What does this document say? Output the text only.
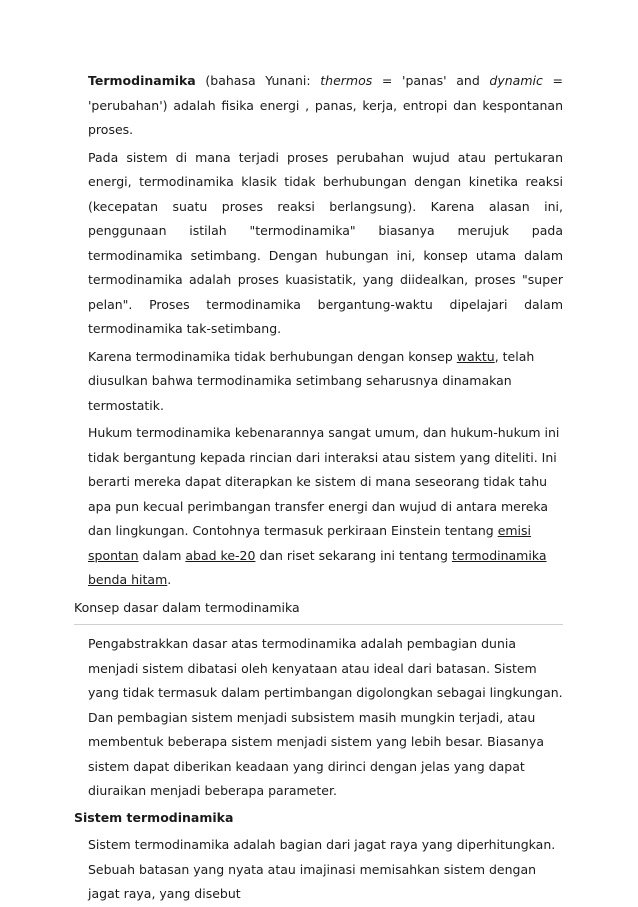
Termodinamika (bahasa Yunani: thermos = 'panas' and dynamic = 'perubahan') adalah fisika energi , panas, kerja, entropi dan kespontanan proses.

Pada sistem di mana terjadi proses perubahan wujud atau pertukaran energi, termodinamika klasik tidak berhubungan dengan kinetika reaksi (kecepatan suatu proses reaksi berlangsung). Karena alasan ini, penggunaan istilah "termodinamika" biasanya merujuk pada termodinamika setimbang. Dengan hubungan ini, konsep utama dalam termodinamika adalah proses kuasistatik, yang diidealkan, proses "super pelan". Proses termodinamika bergantung-waktu dipelajari dalam termodinamika tak-setimbang.

Karena termodinamika tidak berhubungan dengan konsep waktu, telah diusulkan bahwa termodinamika setimbang seharusnya dinamakan termostatik.

Hukum termodinamika kebenarannya sangat umum, dan hukum-hukum ini tidak bergantung kepada rincian dari interaksi atau sistem yang diteliti. Ini berarti mereka dapat diterapkan ke sistem di mana seseorang tidak tahu apa pun kecual perimbangan transfer energi dan wujud di antara mereka dan lingkungan. Contohnya termasuk perkiraan Einstein tentang emisi spontan dalam abad ke-20 dan riset sekarang ini tentang termodinamika benda hitam.

Konsep dasar dalam termodinamika

Pengabstrakkan dasar atas termodinamika adalah pembagian dunia menjadi sistem dibatasi oleh kenyataan atau ideal dari batasan. Sistem yang tidak termasuk dalam pertimbangan digolongkan sebagai lingkungan. Dan pembagian sistem menjadi subsistem masih mungkin terjadi, atau membentuk beberapa sistem menjadi sistem yang lebih besar. Biasanya sistem dapat diberikan keadaan yang dirinci dengan jelas yang dapat diuraikan menjadi beberapa parameter.

Sistem termodinamika

Sistem termodinamika adalah bagian dari jagat raya yang diperhitungkan. Sebuah batasan yang nyata atau imajinasi memisahkan sistem dengan jagat raya, yang disebut
